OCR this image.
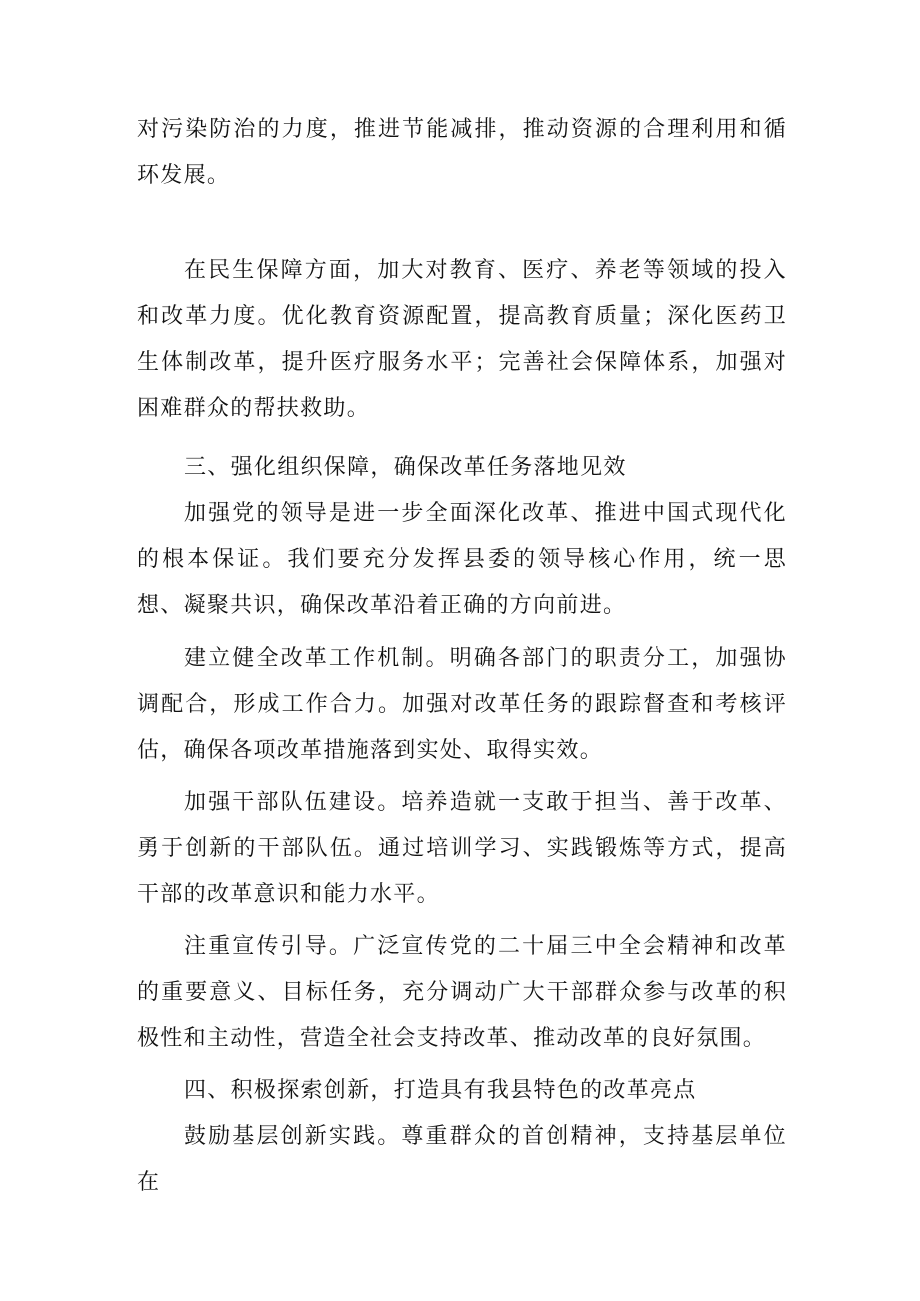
对污染防治的力度，推进节能减排，推动资源的合理利用和循环发展。

在民生保障方面，加大对教育、医疗、养老等领域的投入和改革力度。优化教育资源配置，提高教育质量；深化医药卫生体制改革，提升医疗服务水平；完善社会保障体系，加强对困难群众的帮扶救助。

三、强化组织保障，确保改革任务落地见效

加强党的领导是进一步全面深化改革、推进中国式现代化的根本保证。我们要充分发挥县委的领导核心作用，统一思想、凝聚共识，确保改革沿着正确的方向前进。

建立健全改革工作机制。明确各部门的职责分工，加强协调配合，形成工作合力。加强对改革任务的跟踪督查和考核评估，确保各项改革措施落到实处、取得实效。

加强干部队伍建设。培养造就一支敢于担当、善于改革、勇于创新的干部队伍。通过培训学习、实践锻炼等方式，提高干部的改革意识和能力水平。

注重宣传引导。广泛宣传党的二十届三中全会精神和改革的重要意义、目标任务，充分调动广大干部群众参与改革的积极性和主动性，营造全社会支持改革、推动改革的良好氛围。

四、积极探索创新，打造具有我县特色的改革亮点

鼓励基层创新实践。尊重群众的首创精神，支持基层单位在
